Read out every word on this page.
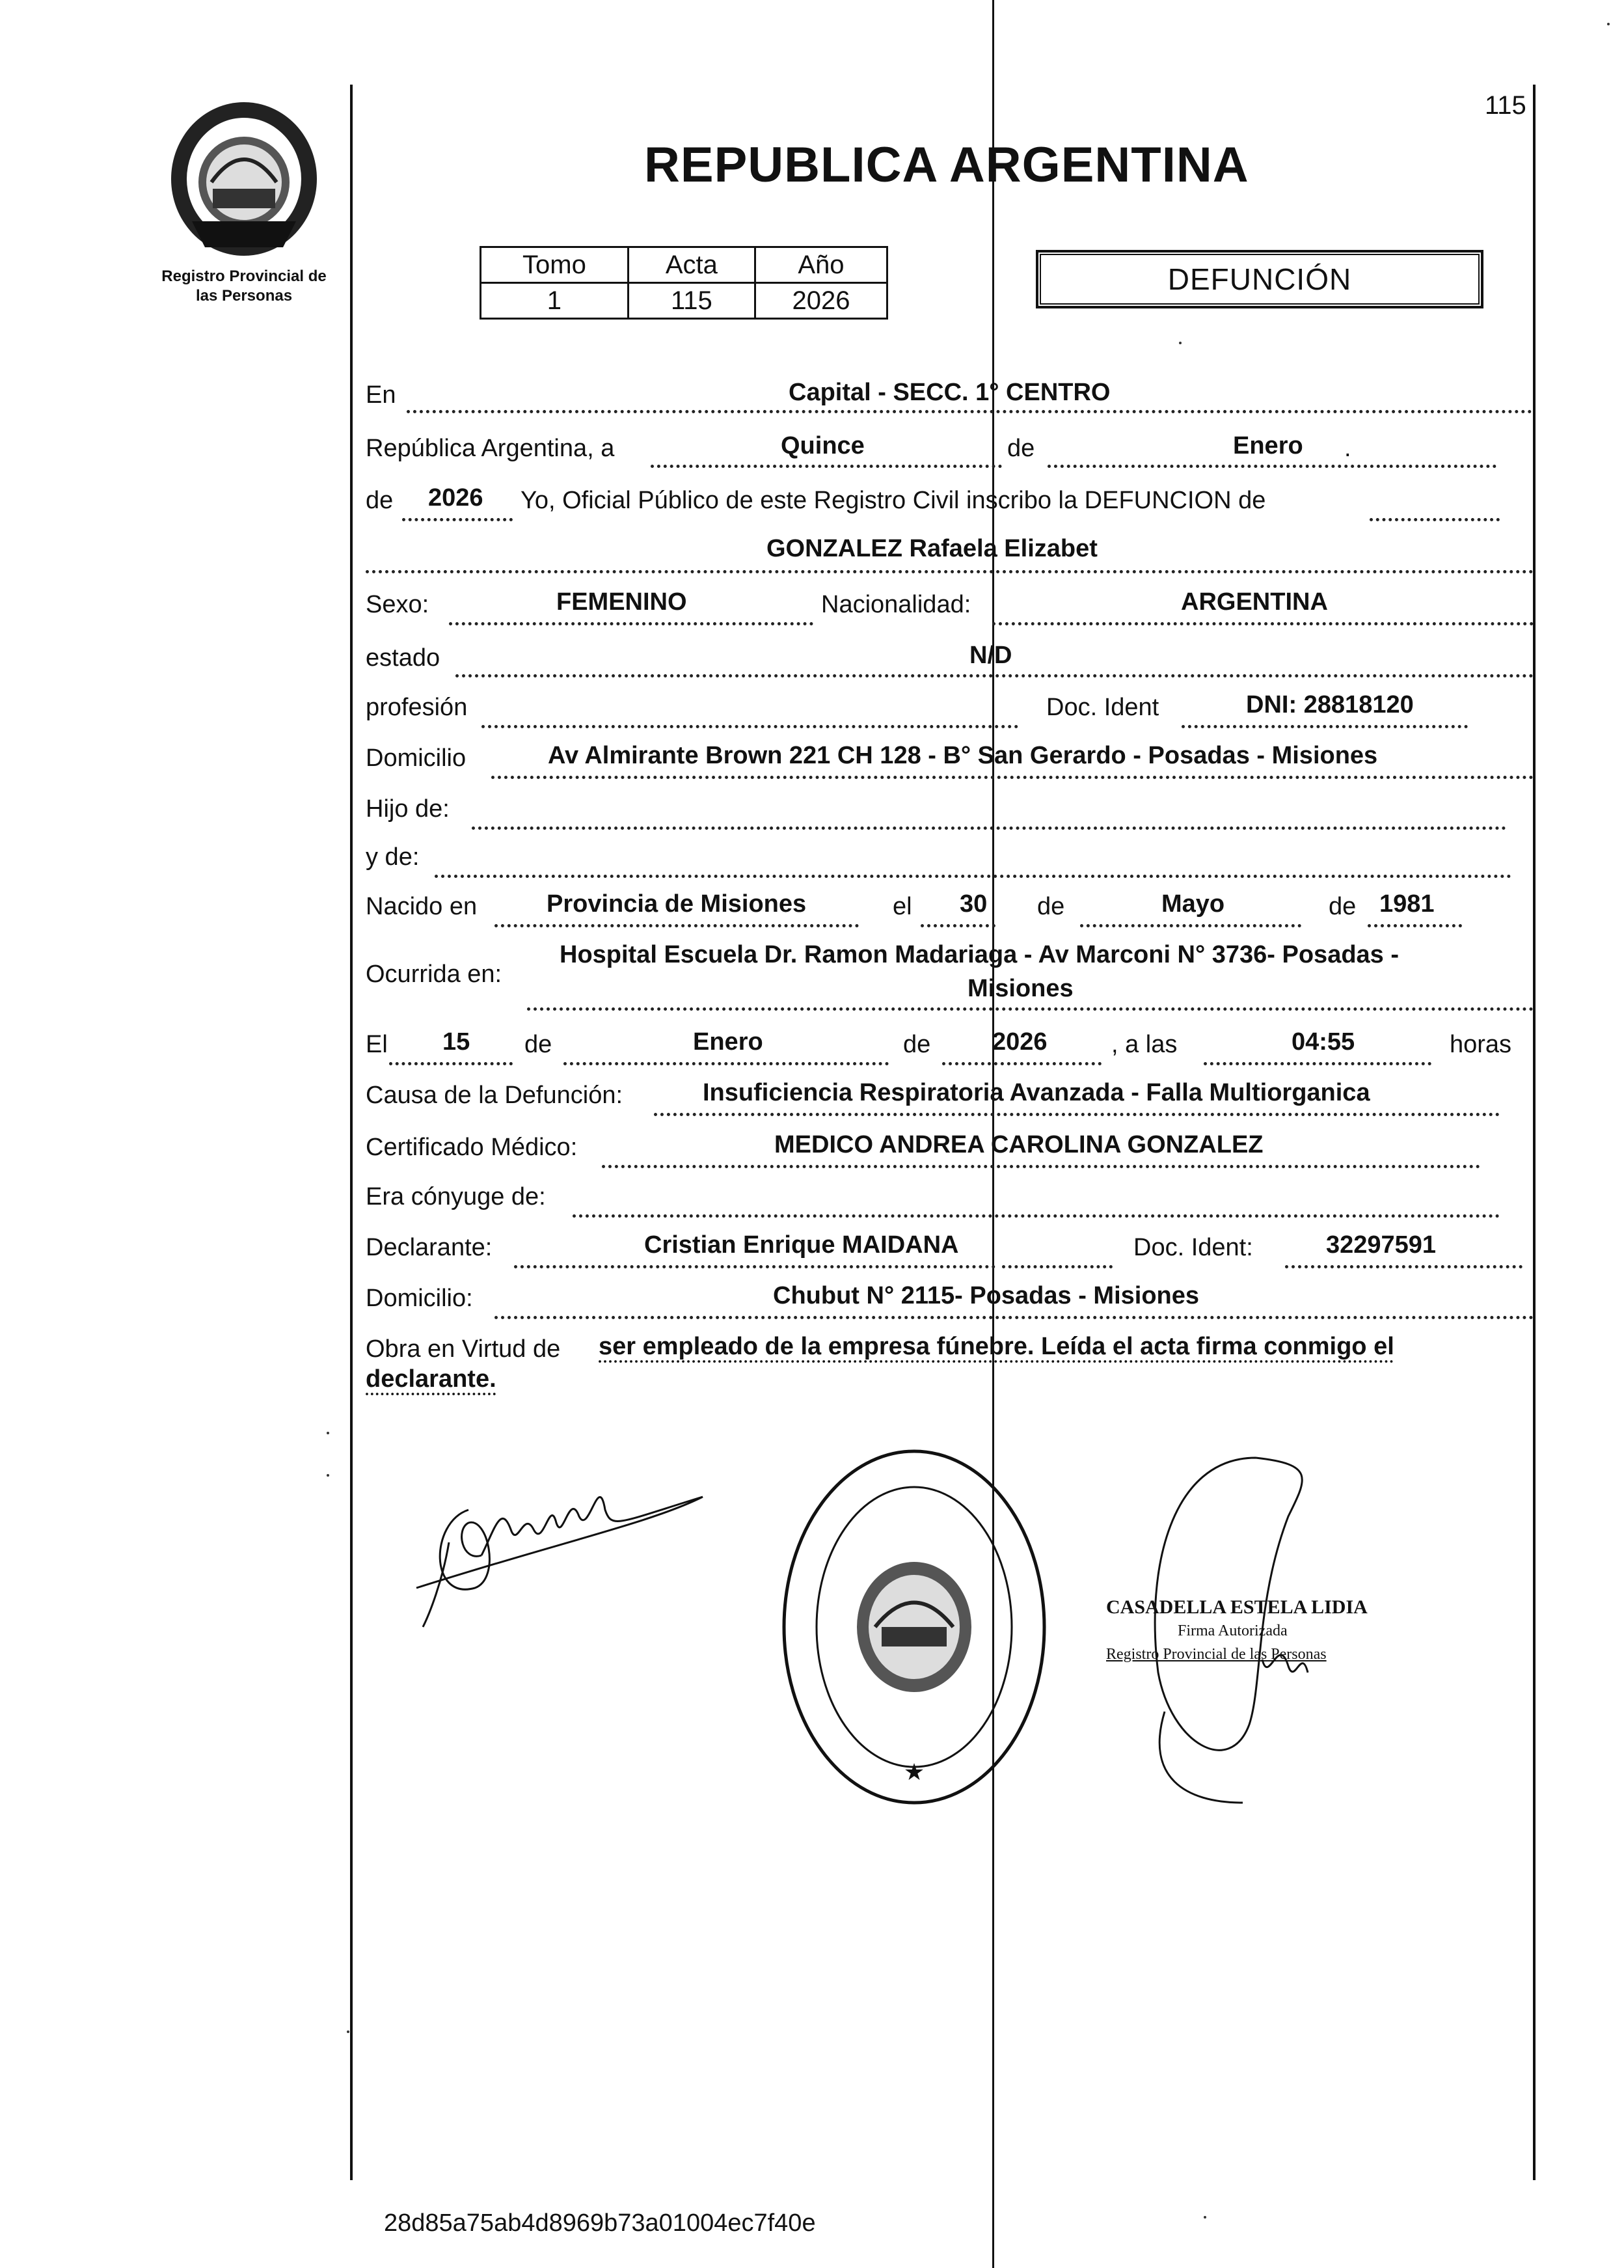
Registro Provincial de
las Personas
115
REPUBLICA ARGENTINA
Tomo	Acta	Año
1	115	2026
DEFUNCIÓN
En	Capital - SECC. 1° CENTRO
República Argentina, a	Quince	de	Enero .
de 2026 Yo, Oficial Público de este Registro Civil inscribo la DEFUNCION de
GONZALEZ Rafaela Elizabet
Sexo:	FEMENINO	Nacionalidad:	ARGENTINA
estado	N/D
profesión	Doc. Ident	DNI: 28818120
Domicilio	Av Almirante Brown 221 CH 128 - B° San Gerardo - Posadas - Misiones
Hijo de:
y de:
Nacido en	Provincia de Misiones	el 30 de	Mayo	de 1981
Ocurrida en:
Hospital Escuela Dr. Ramon Madariaga - Av Marconi N° 3736- Posadas -
Misiones
El 15 de	Enero	de 2026	, a las	04:55	horas
Causa de la Defunción:	Insuficiencia Respiratoria Avanzada - Falla Multiorganica
Certificado Médico:	MEDICO ANDREA CAROLINA GONZALEZ
Era cónyuge de:
Declarante:	Cristian Enrique MAIDANA	Doc. Ident:	32297591
Domicilio:	Chubut N° 2115- Posadas - Misiones
Obra en Virtud de ser empleado de la empresa fúnebre. Leída el acta firma conmigo el
declarante.
★
CASADELLA ESTELA LIDIA
Firma Autorizada
Registro Provincial de las Personas
28d85a75ab4d8969b73a01004ec7f40e
